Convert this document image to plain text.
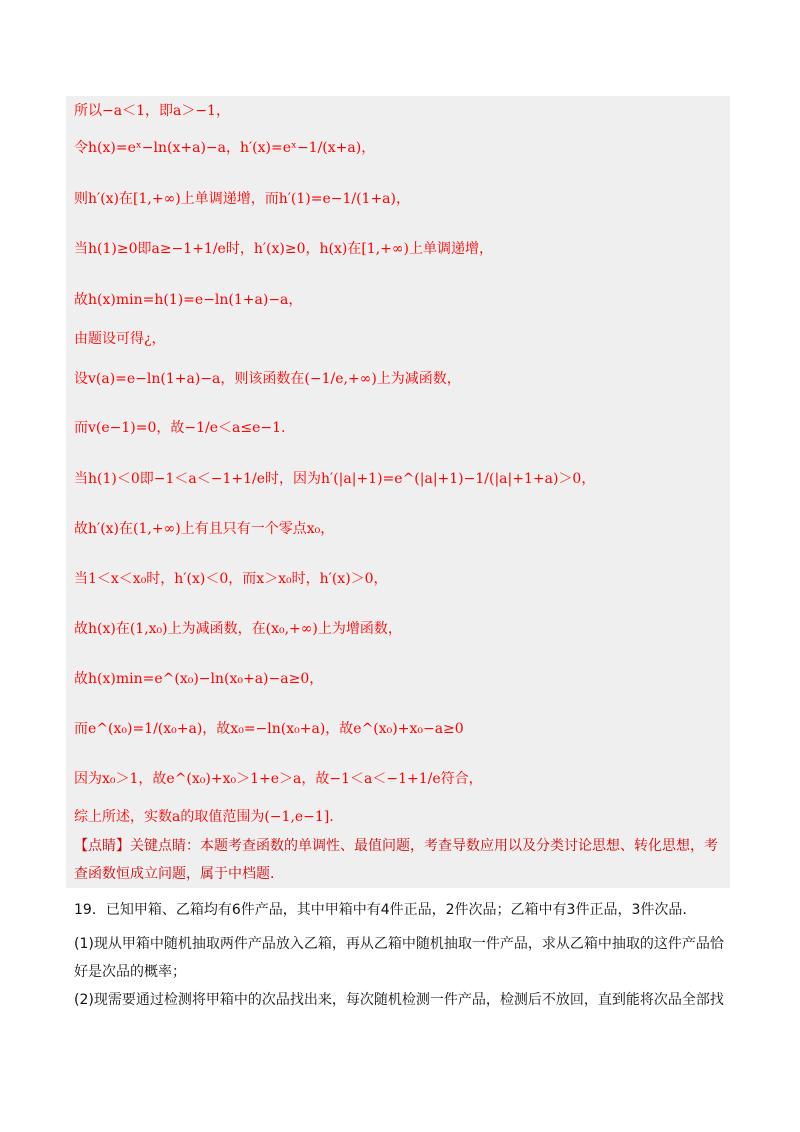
所以−a＜1，即a＞−1，
令h(x)=eˣ−ln(x+a)−a，h′(x)=eˣ−1/(x+a)，
则h′(x)在[1,+∞)上单调递增，而h′(1)=e−1/(1+a)，
当h(1)≥0即a≥−1+1/e时，h′(x)≥0，h(x)在[1,+∞)上单调递增，
故h(x)min=h(1)=e−ln(1+a)−a，
由题设可得¿，
设v(a)=e−ln(1+a)−a，则该函数在(−1/e,+∞)上为减函数，
而v(e−1)=0，故−1/e＜a≤e−1.
当h(1)＜0即−1＜a＜−1+1/e时，因为h′(|a|+1)=e^(|a|+1)−1/(|a|+1+a)＞0，
故h′(x)在(1,+∞)上有且只有一个零点x₀，
当1＜x＜x₀时，h′(x)＜0，而x＞x₀时，h′(x)＞0，
故h(x)在(1,x₀)上为减函数，在(x₀,+∞)上为增函数，
故h(x)min=e^(x₀)−ln(x₀+a)−a≥0，
而e^(x₀)=1/(x₀+a)，故x₀=−ln(x₀+a)，故e^(x₀)+x₀−a≥0
因为x₀＞1，故e^(x₀)+x₀＞1+e＞a，故−1＜a＜−1+1/e符合，
综上所述，实数a的取值范围为(−1,e−1].
【点睛】关键点睛：本题考查函数的单调性、最值问题，考查导数应用以及分类讨论思想、转化思想，考查函数恒成立问题，属于中档题.
19．已知甲箱、乙箱均有6件产品，其中甲箱中有4件正品，2件次品；乙箱中有3件正品，3件次品.
(1)现从甲箱中随机抽取两件产品放入乙箱，再从乙箱中随机抽取一件产品，求从乙箱中抽取的这件产品恰好是次品的概率；
(2)现需要通过检测将甲箱中的次品找出来，每次随机检测一件产品，检测后不放回，直到能将次品全部找
